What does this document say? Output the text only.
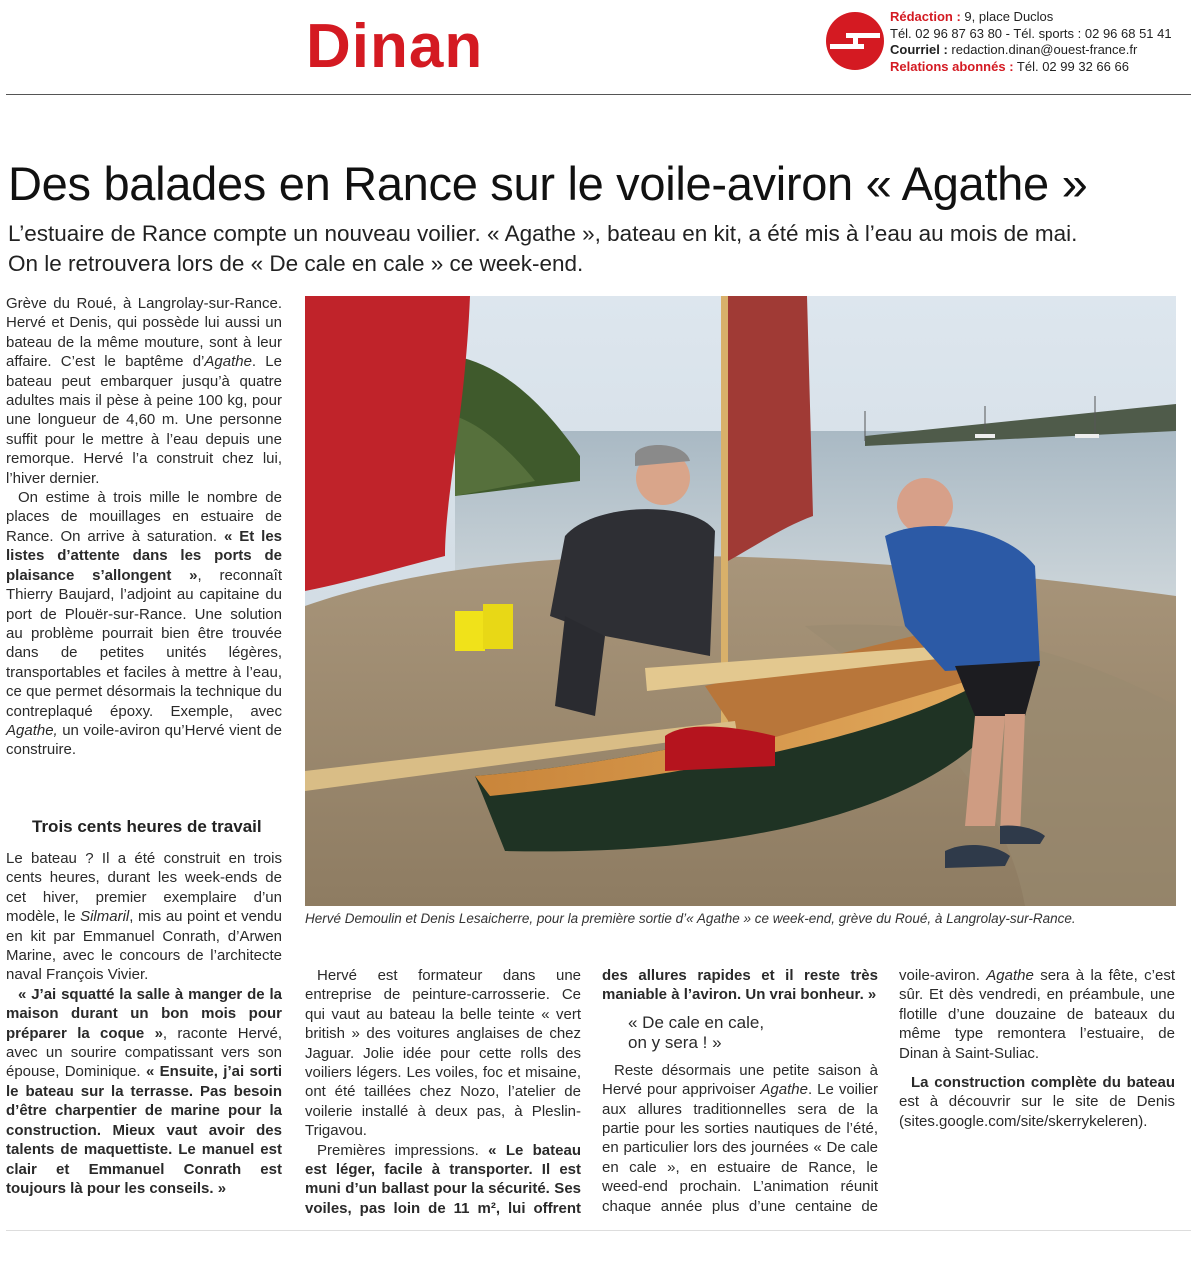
Dinan	Rédaction : 9, place Duclos
Tél. 02 96 87 63 80 - Tél. sports : 02 96 68 51 41
Courriel : redaction.dinan@ouest-france.fr
Relations abonnés : Tél. 02 99 32 66 66
Des balades en Rance sur le voile-aviron « Agathe »
L’estuaire de Rance compte un nouveau voilier. « Agathe », bateau en kit, a été mis à l’eau au mois de mai.
On le retrouvera lors de « De cale en cale » ce week-end.

Grève du Roué, à Langrolay-sur-Rance. Hervé et Denis, qui possède lui aussi un bateau de la même mouture, sont à leur affaire. C’est le baptême d’Agathe. Le bateau peut embarquer jusqu’à quatre adultes mais il pèse à peine 100 kg, pour une longueur de 4,60 m. Une personne suffit pour le mettre à l’eau depuis une remorque. Hervé l’a construit chez lui, l’hiver dernier.

On estime à trois mille le nombre de places de mouillages en estuaire de Rance. On arrive à saturation. « Et les listes d’attente dans les ports de plaisance s’allongent », reconnaît Thierry Baujard, l’adjoint au capitaine du port de Plouër-sur-Rance. Une solution au problème pourrait bien être trouvée dans de petites unités légères, transportables et faciles à mettre à l’eau, ce que permet désormais la technique du contreplaqué époxy. Exemple, avec Agathe, un voile-aviron qu’Hervé vient de construire.

Trois cents heures de travail

Le bateau ? Il a été construit en trois cents heures, durant les week-ends de cet hiver, premier exemplaire d’un modèle, le Silmaril, mis au point et vendu en kit par Emmanuel Conrath, d’Arwen Marine, avec le concours de l’architecte naval François Vivier.

« J’ai squatté la salle à manger de la maison durant un bon mois pour préparer la coque », raconte Hervé, avec un sourire compatissant vers son épouse, Dominique. « Ensuite, j’ai sorti le bateau sur la terrasse. Pas besoin d’être charpentier de marine pour la construction. Mieux vaut avoir des talents de maquettiste. Le manuel est clair et Emmanuel Conrath est toujours là pour les conseils. »

Hervé Demoulin et Denis Lesaicherre, pour la première sortie d’« Agathe » ce week-end, grève du Roué, à Langrolay-sur-Rance.

Hervé est formateur dans une entreprise de peinture-carrosserie. Ce qui vaut au bateau la belle teinte « vert british » des voitures anglaises de chez Jaguar. Jolie idée pour cette rolls des voiliers légers. Les voiles, foc et misaine, ont été taillées chez Nozo, l’atelier de voilerie installé à deux pas, à Pleslin-Trigavou.

Premières impressions. « Le bateau est léger, facile à transporter. Il est muni d’un ballast pour la sécurité. Ses voiles, pas loin de 11 m², lui offrent des allures rapides et il reste très maniable à l’aviron. Un vrai bonheur. »

« De cale en cale,
on y sera ! »

Reste désormais une petite saison à Hervé pour apprivoiser Agathe. Le voilier aux allures traditionnelles sera de la partie pour les sorties nautiques de l’été, en particulier lors des journées « De cale en cale », en estuaire de Rance, le weed-end prochain. L’animation réunit chaque année plus d’une centaine de voile-aviron. Agathe sera à la fête, c’est sûr. Et dès vendredi, en préambule, une flotille d’une douzaine de bateaux du même type remontera l’estuaire, de Dinan à Saint-Suliac.

La construction complète du bateau est à découvrir sur le site de Denis (sites.google.com/site/skerrykeleren).
